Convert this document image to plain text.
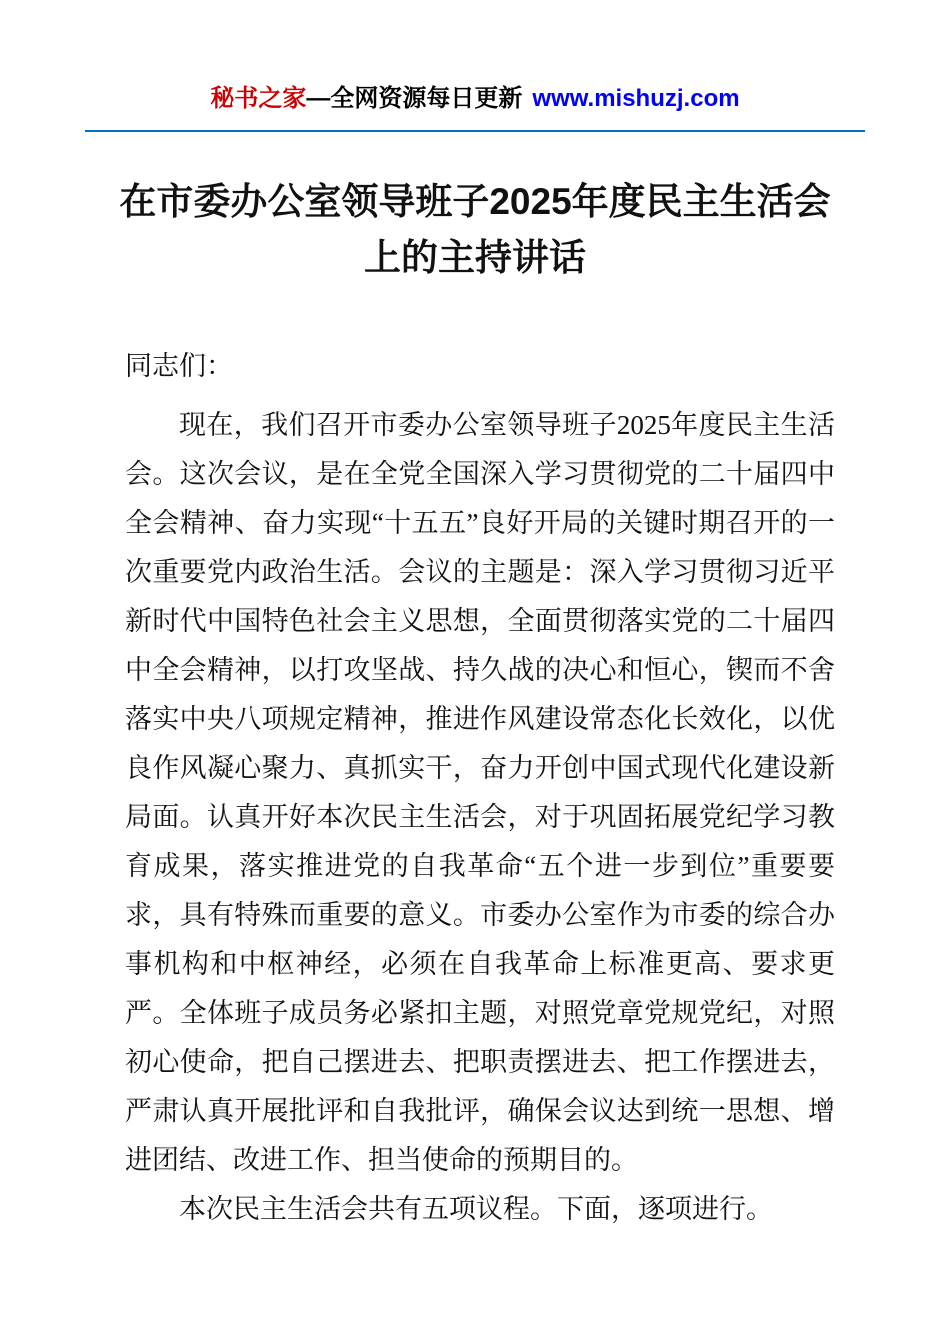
秘书之家—全网资源每日更新 www.mishuzj.com
在市委办公室领导班子2025年度民主生活会
上的主持讲话

同志们：

现在，我们召开市委办公室领导班子2025年度民主生活会。这次会议，是在全党全国深入学习贯彻党的二十届四中全会精神、奋力实现“十五五”良好开局的关键时期召开的一次重要党内政治生活。会议的主题是：深入学习贯彻习近平新时代中国特色社会主义思想，全面贯彻落实党的二十届四中全会精神，以打攻坚战、持久战的决心和恒心，锲而不舍落实中央八项规定精神，推进作风建设常态化长效化，以优良作风凝心聚力、真抓实干，奋力开创中国式现代化建设新局面。认真开好本次民主生活会，对于巩固拓展党纪学习教育成果，落实推进党的自我革命“五个进一步到位”重要要求，具有特殊而重要的意义。市委办公室作为市委的综合办事机构和中枢神经，必须在自我革命上标准更高、要求更严。全体班子成员务必紧扣主题，对照党章党规党纪，对照初心使命，把自己摆进去、把职责摆进去、把工作摆进去，严肃认真开展批评和自我批评，确保会议达到统一思想、增进团结、改进工作、担当使命的预期目的。

本次民主生活会共有五项议程。下面，逐项进行。
